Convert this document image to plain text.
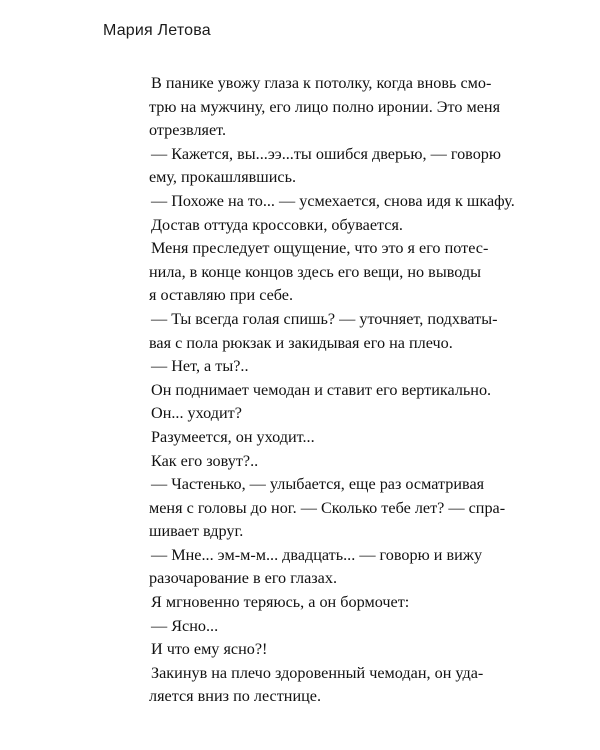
Мария Летова
В панике увожу глаза к потолку, когда вновь смо-
трю на мужчину, его лицо полно иронии. Это меня
отрезвляет.
— Кажется, вы...ээ...ты ошибся дверью, — говорю
ему, прокашлявшись.
— Похоже на то... — усмехается, снова идя к шкафу.
Достав оттуда кроссовки, обувается.
Меня преследует ощущение, что это я его потес-
нила, в конце концов здесь его вещи, но выводы
я оставляю при себе.
— Ты всегда голая спишь? — уточняет, подхваты-
вая с пола рюкзак и закидывая его на плечо.
— Нет, а ты?..
Он поднимает чемодан и ставит его вертикально.
Он... уходит?
Разумеется, он уходит...
Как его зовут?..
— Частенько, — улыбается, еще раз осматривая
меня с головы до ног. — Сколько тебе лет? — спра-
шивает вдруг.
— Мне... эм-м-м... двадцать... — говорю и вижу
разочарование в его глазах.
Я мгновенно теряюсь, а он бормочет:
— Ясно...
И что ему ясно?!
Закинув на плечо здоровенный чемодан, он уда-
ляется вниз по лестнице.
